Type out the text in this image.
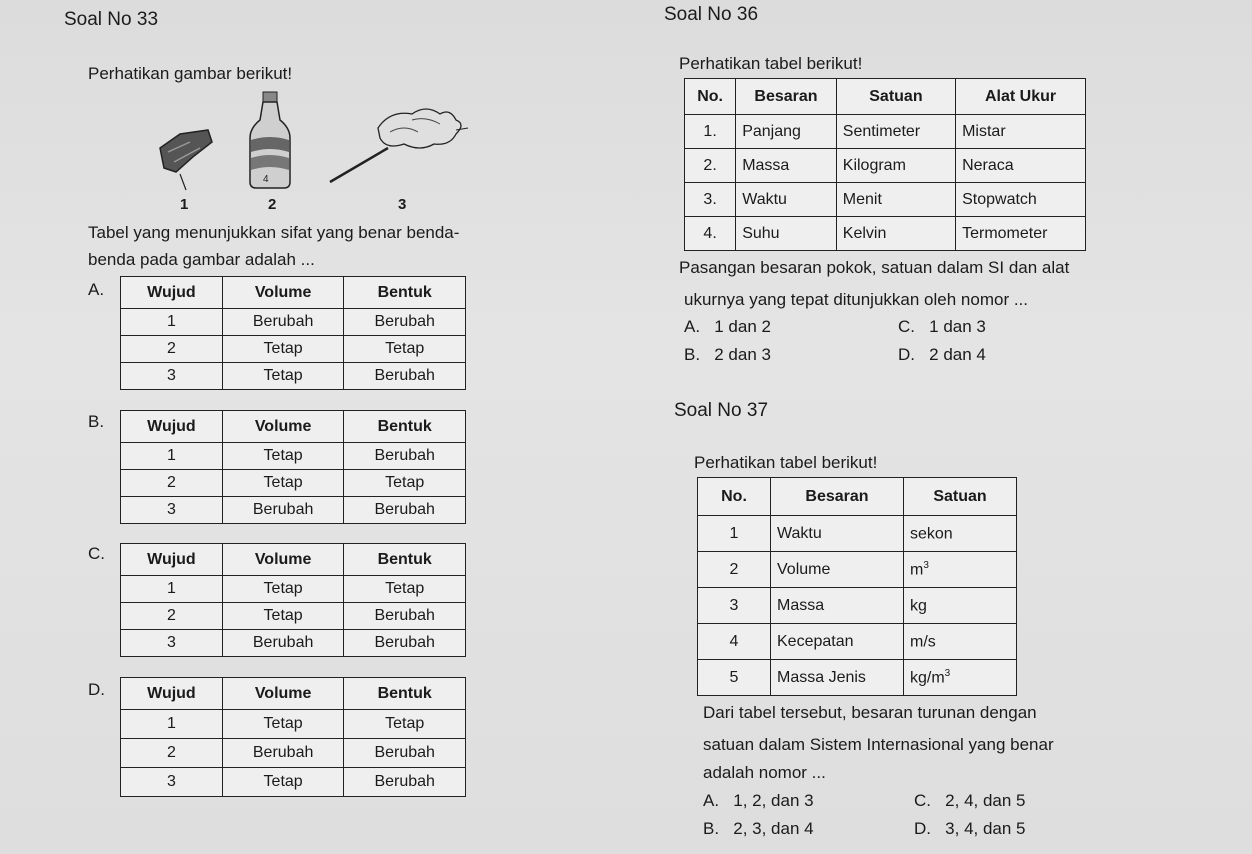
Soal No 33
Perhatikan gambar berikut!
4
1	2	3
Tabel yang menunjukkan sifat yang benar benda-
benda pada gambar adalah ...
A.	Wujud	Volume	Bentuk
1	Berubah	Berubah
2	Tetap	Tetap
3	Tetap	Berubah
B.	Wujud	Volume	Bentuk
1	Tetap	Berubah
2	Tetap	Tetap
3	Berubah	Berubah
C.	Wujud	Volume	Bentuk
1	Tetap	Tetap
2	Tetap	Berubah
3	Berubah	Berubah
D.	Wujud	Volume	Bentuk
1	Tetap	Tetap
2	Berubah	Berubah
3	Tetap	Berubah
Soal No 36
Perhatikan tabel berikut!
No.	Besaran	Satuan	Alat Ukur
1.	Panjang	Sentimeter	Mistar
2.	Massa	Kilogram	Neraca
3.	Waktu	Menit	Stopwatch
4.	Suhu	Kelvin	Termometer
Pasangan besaran pokok, satuan dalam SI dan alat
ukurnya yang tepat ditunjukkan oleh nomor ...
A. 1 dan 2	C. 1 dan 3
B. 2 dan 3	D. 2 dan 4
Soal No 37
Perhatikan tabel berikut!
No.	Besaran	Satuan
1	Waktu	sekon
2	Volume	$m^3$
3	Massa	kg
4	Kecepatan	m/s
5	Massa Jenis	$kg/m^3$
Dari tabel tersebut, besaran turunan dengan
satuan dalam Sistem Internasional yang benar
adalah nomor ...
A. 1, 2, dan 3	C. 2, 4, dan 5
B. 2, 3, dan 4	D. 3, 4, dan 5
